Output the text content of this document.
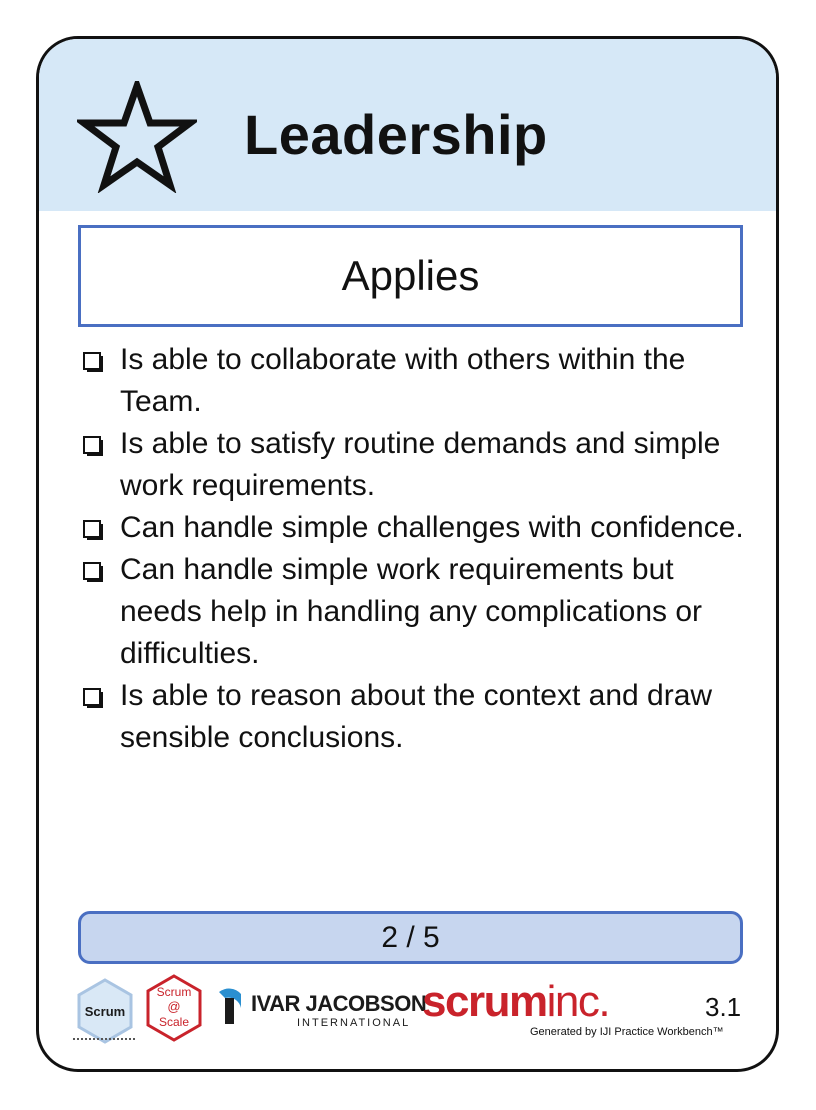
Leadership
Applies
Is able to collaborate with others within the Team.
Is able to satisfy routine demands and simple work requirements.
Can handle simple challenges with confidence.
Can handle simple work requirements but needs help in handling any complications or difficulties.
Is able to reason about the context and draw sensible conclusions.
2 / 5
Scrum
Scrum
@
Scale
IVAR JACOBSON
INTERNATIONAL scruminc.	3.1
Generated by IJI Practice Workbench™
